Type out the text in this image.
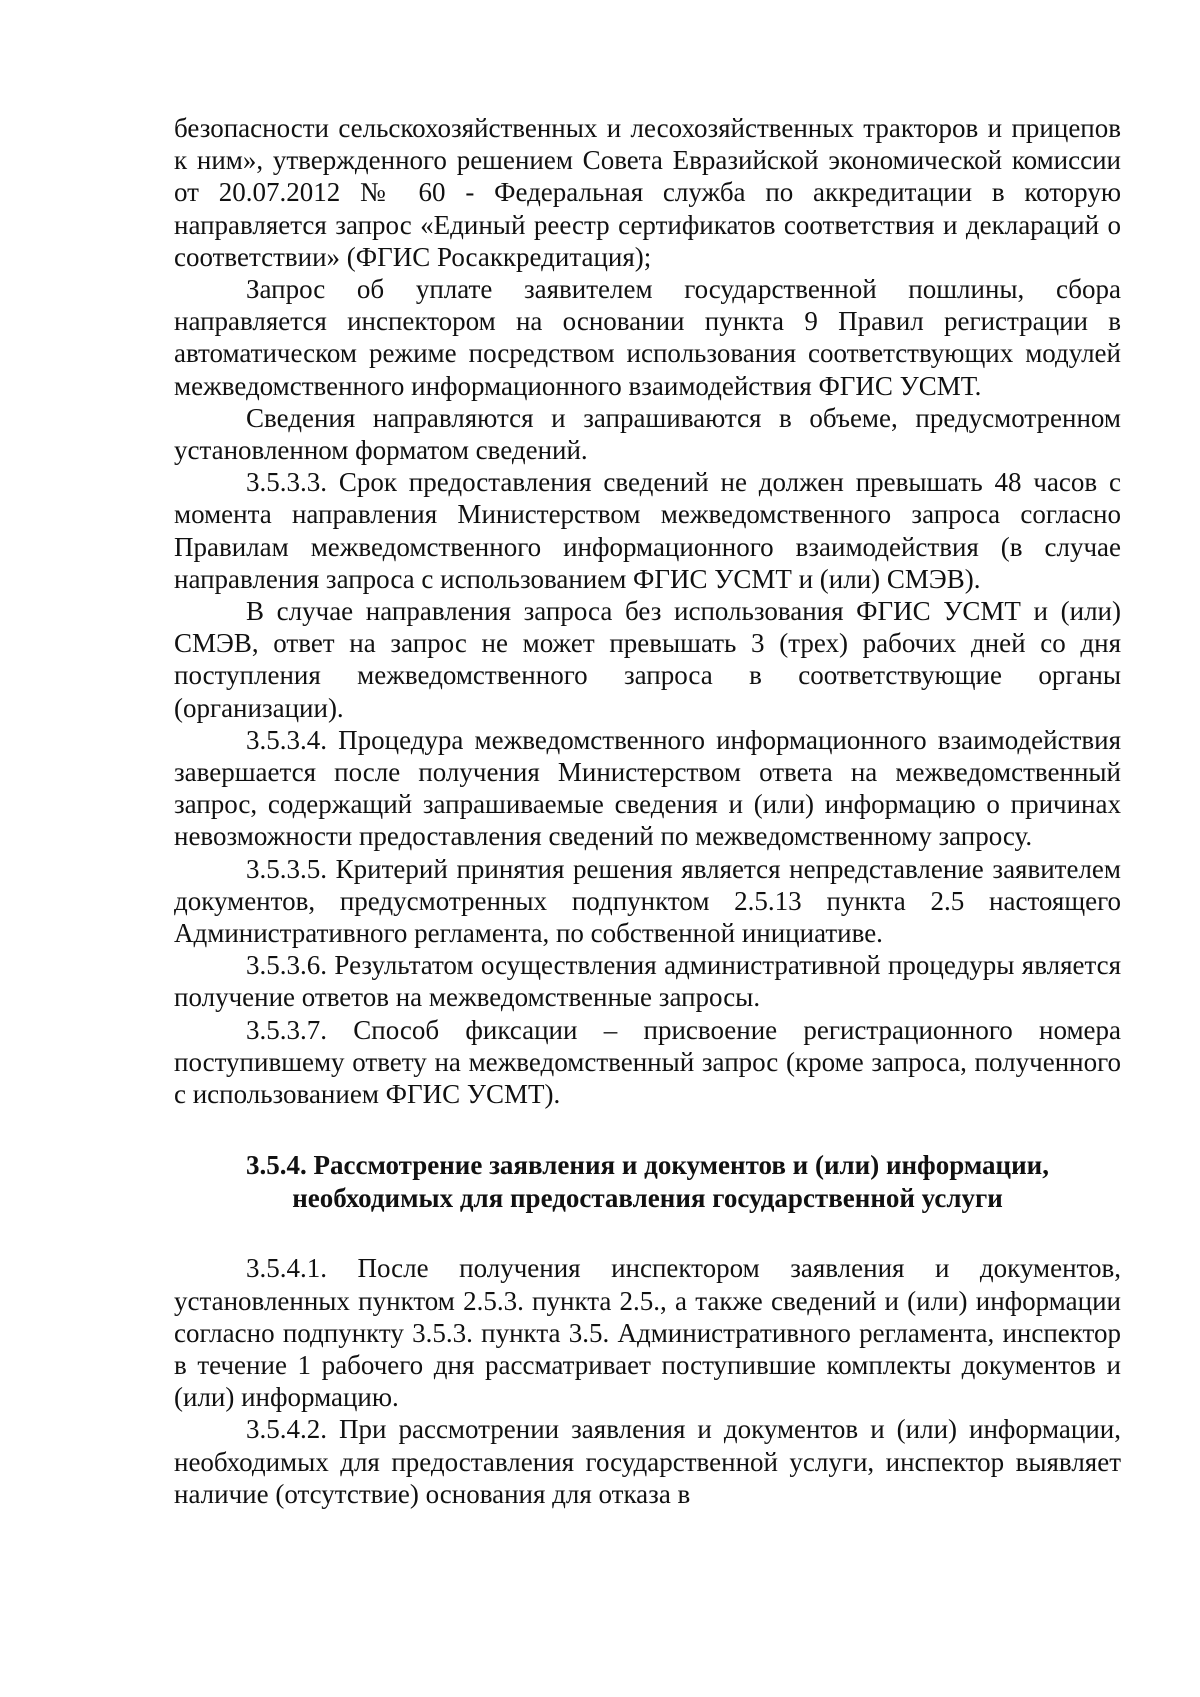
безопасности сельскохозяйственных и лесохозяйственных тракторов и прицепов к ним», утвержденного решением Совета Евразийской экономической комиссии от 20.07.2012 № 60 - Федеральная служба по аккредитации в которую направляется запрос «Единый реестр сертификатов соответствия и деклараций о соответствии» (ФГИС Росаккредитация);

Запрос об уплате заявителем государственной пошлины, сбора направляется инспектором на основании пункта 9 Правил регистрации в автоматическом режиме посредством использования соответствующих модулей межведомственного информационного взаимодействия ФГИС УСМТ.

Сведения направляются и запрашиваются в объеме, предусмотренном установленном форматом сведений.

3.5.3.3. Срок предоставления сведений не должен превышать 48 часов с момента направления Министерством межведомственного запроса согласно Правилам межведомственного информационного взаимодействия (в случае направления запроса с использованием ФГИС УСМТ и (или) СМЭВ).

В случае направления запроса без использования ФГИС УСМТ и (или) СМЭВ, ответ на запрос не может превышать 3 (трех) рабочих дней со дня поступления межведомственного запроса в соответствующие органы (организации).

3.5.3.4. Процедура межведомственного информационного взаимодействия завершается после получения Министерством ответа на межведомственный запрос, содержащий запрашиваемые сведения и (или) информацию о причинах невозможности предоставления сведений по межведомственному запросу.

3.5.3.5. Критерий принятия решения является непредставление заявителем документов, предусмотренных подпунктом 2.5.13 пункта 2.5 настоящего Административного регламента, по собственной инициативе.

3.5.3.6. Результатом осуществления административной процедуры является получение ответов на межведомственные запросы.

3.5.3.7. Способ фиксации – присвоение регистрационного номера поступившему ответу на межведомственный запрос (кроме запроса, полученного с использованием ФГИС УСМТ).

3.5.4. Рассмотрение заявления и документов и (или) информации,
необходимых для предоставления государственной услуги

3.5.4.1. После получения инспектором заявления и документов, установленных пунктом 2.5.3. пункта 2.5., а также сведений и (или) информации согласно подпункту 3.5.3. пункта 3.5. Административного регламента, инспектор в течение 1 рабочего дня рассматривает поступившие комплекты документов и (или) информацию.

3.5.4.2. При рассмотрении заявления и документов и (или) информации, необходимых для предоставления государственной услуги, инспектор выявляет наличие (отсутствие) основания для отказа в
